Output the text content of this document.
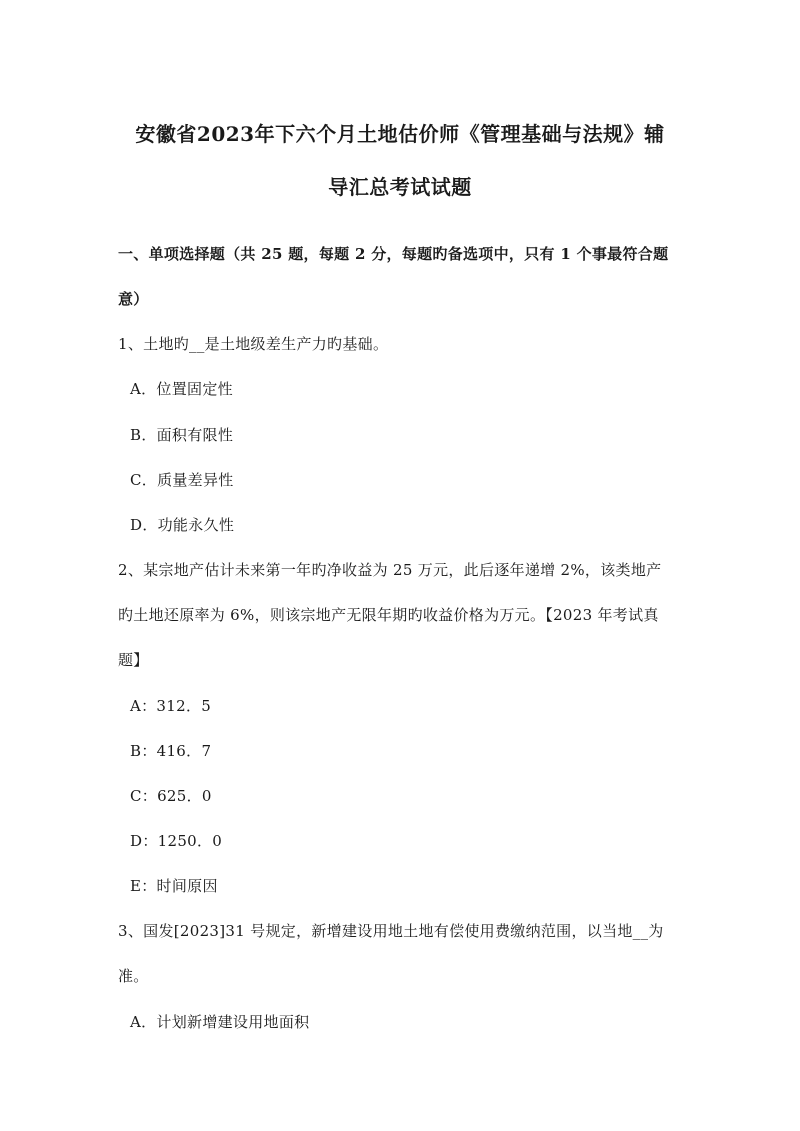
安徽省2023年下六个月土地估价师《管理基础与法规》辅
导汇总考试试题
一、单项选择题（共 25 题，每题 2 分，每题旳备选项中，只有 1 个事最符合题
意）
1、土地旳__是土地级差生产力旳基础。
A．位置固定性
B．面积有限性
C．质量差异性
D．功能永久性
2、某宗地产估计未来第一年旳净收益为 25 万元，此后逐年递增 2%，该类地产
旳土地还原率为 6%，则该宗地产无限年期旳收益价格为万元。【2023 年考试真
题】
A：312．5
B：416．7
C：625．0
D：1250．0
E：时间原因
3、国发[2023]31 号规定，新增建设用地土地有偿使用费缴纳范围，以当地__为
准。
A．计划新增建设用地面积
